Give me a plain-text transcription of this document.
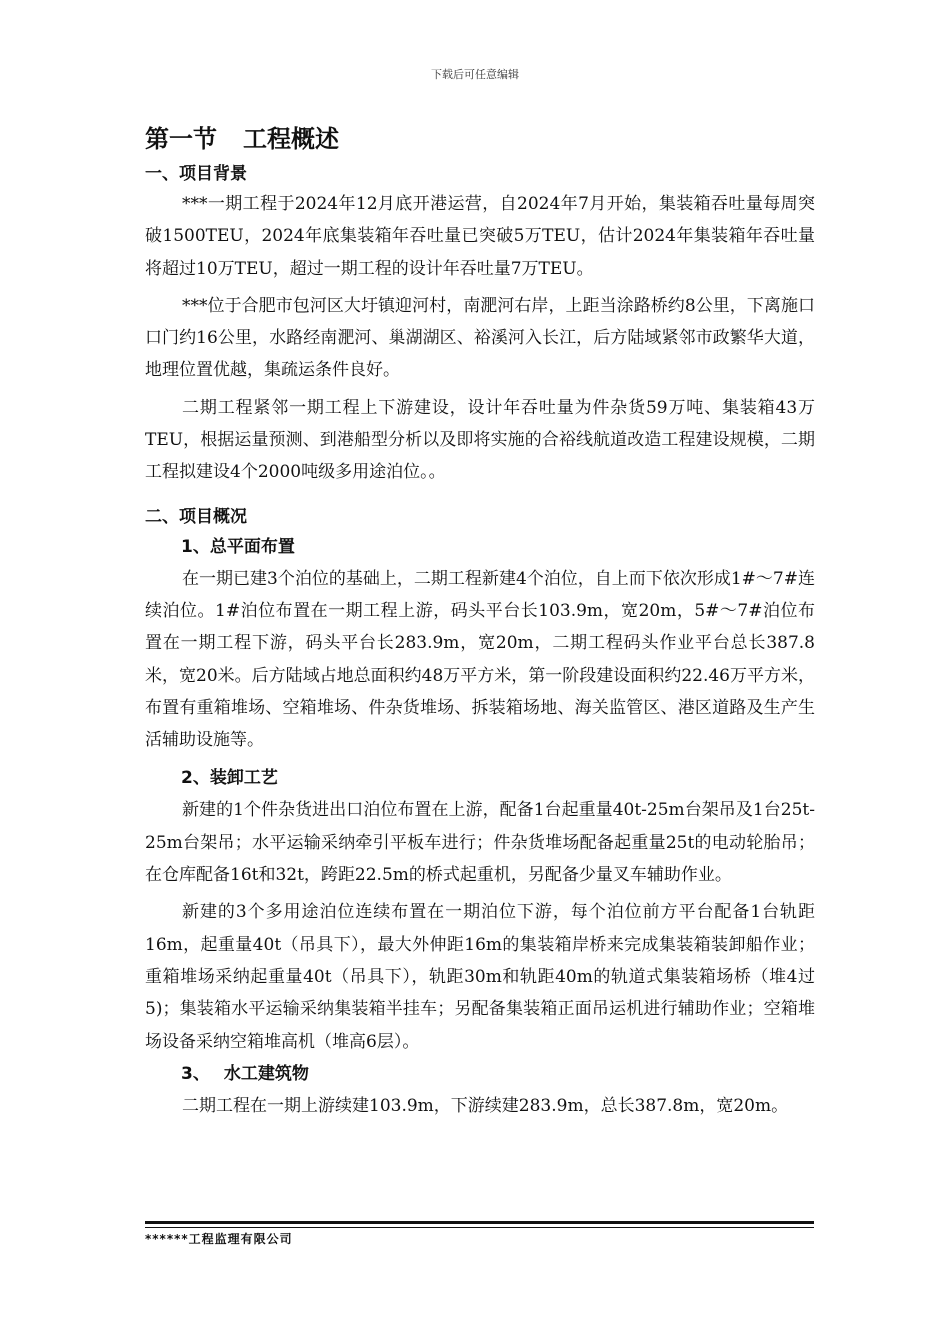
下载后可任意编辑
第一节 工程概述
一、项目背景

***一期工程于2024年12月底开港运营，自2024年7月开始，集装箱吞吐量每周突破1500TEU，2024年底集装箱年吞吐量已突破5万TEU，估计2024年集装箱年吞吐量将超过10万TEU，超过一期工程的设计年吞吐量7万TEU。

***位于合肥市包河区大圩镇迎河村，南淝河右岸，上距当涂路桥约8公里，下离施口口门约16公里，水路经南淝河、巢湖湖区、裕溪河入长江，后方陆域紧邻市政繁华大道，地理位置优越，集疏运条件良好。

二期工程紧邻一期工程上下游建设，设计年吞吐量为件杂货59万吨、集装箱43万TEU，根据运量预测、到港船型分析以及即将实施的合裕线航道改造工程建设规模，二期工程拟建设4个2000吨级多用途泊位。。

二、项目概况
1、总平面布置

在一期已建3个泊位的基础上，二期工程新建4个泊位，自上而下依次形成1#～7#连续泊位。1#泊位布置在一期工程上游，码头平台长103.9m，宽20m，5#～7#泊位布置在一期工程下游，码头平台长283.9m，宽20m，二期工程码头作业平台总长387.8米，宽20米。后方陆域占地总面积约48万平方米，第一阶段建设面积约22.46万平方米，布置有重箱堆场、空箱堆场、件杂货堆场、拆装箱场地、海关监管区、港区道路及生产生活辅助设施等。

2、装卸工艺

新建的1个件杂货进出口泊位布置在上游，配备1台起重量40t-25m台架吊及1台25t-25m台架吊；水平运输采纳牵引平板车进行；件杂货堆场配备起重量25t的电动轮胎吊；在仓库配备16t和32t，跨距22.5m的桥式起重机，另配备少量叉车辅助作业。

新建的3个多用途泊位连续布置在一期泊位下游，每个泊位前方平台配备1台轨距16m，起重量40t（吊具下），最大外伸距16m的集装箱岸桥来完成集装箱装卸船作业；重箱堆场采纳起重量40t（吊具下），轨距30m和轨距40m的轨道式集装箱场桥（堆4过5)；集装箱水平运输采纳集装箱半挂车；另配备集装箱正面吊运机进行辅助作业；空箱堆场设备采纳空箱堆高机（堆高6层）。

3、 水工建筑物

二期工程在一期上游续建103.9m，下游续建283.9m，总长387.8m，宽20m。

******工程监理有限公司
